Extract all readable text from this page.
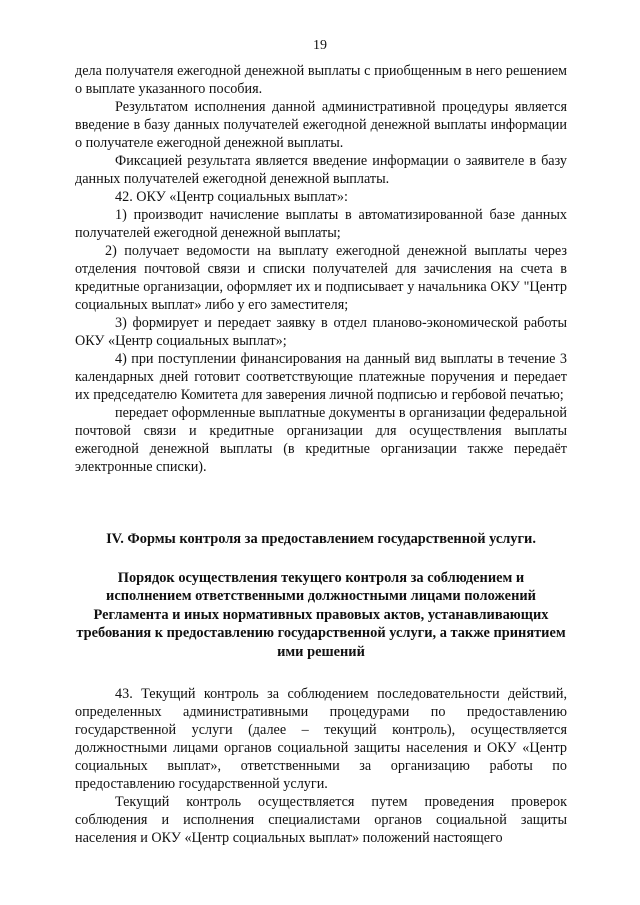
19

дела получателя ежегодной денежной выплаты с приобщенным в него решением о выплате указанного пособия.

Результатом исполнения данной административной процедуры является введение в базу данных получателей ежегодной денежной выплаты информации о получателе ежегодной денежной выплаты.

Фиксацией результата является введение информации о заявителе в базу данных получателей ежегодной денежной выплаты.

42. ОКУ «Центр социальных выплат»:

1) производит начисление выплаты в автоматизированной базе данных получателей ежегодной денежной выплаты;

2) получает ведомости на выплату ежегодной денежной выплаты через отделения почтовой связи и списки получателей для зачисления на счета в кредитные организации, оформляет их и подписывает у начальника ОКУ "Центр социальных выплат» либо у его заместителя;

3) формирует и передает заявку в отдел планово-экономической работы ОКУ «Центр социальных выплат»;

4) при поступлении финансирования на данный вид выплаты в течение 3 календарных дней готовит соответствующие платежные поручения и передает их председателю Комитета для заверения личной подписью и гербовой печатью;

передает оформленные выплатные документы в организации федеральной почтовой связи и кредитные организации для осуществления выплаты ежегодной денежной выплаты (в кредитные организации также передаёт электронные списки).

IV. Формы контроля за предоставлением государственной услуги.

Порядок осуществления текущего контроля за соблюдением и исполнением ответственными должностными лицами положений Регламента и иных нормативных правовых актов, устанавливающих требования к предоставлению государственной услуги, а также принятием ими решений

43. Текущий контроль за соблюдением последовательности действий, определенных административными процедурами по предоставлению государственной услуги (далее – текущий контроль), осуществляется должностными лицами органов социальной защиты населения и ОКУ «Центр социальных выплат», ответственными за организацию работы по предоставлению государственной услуги.

Текущий контроль осуществляется путем проведения проверок соблюдения и исполнения специалистами органов социальной защиты населения и ОКУ «Центр социальных выплат» положений настоящего
